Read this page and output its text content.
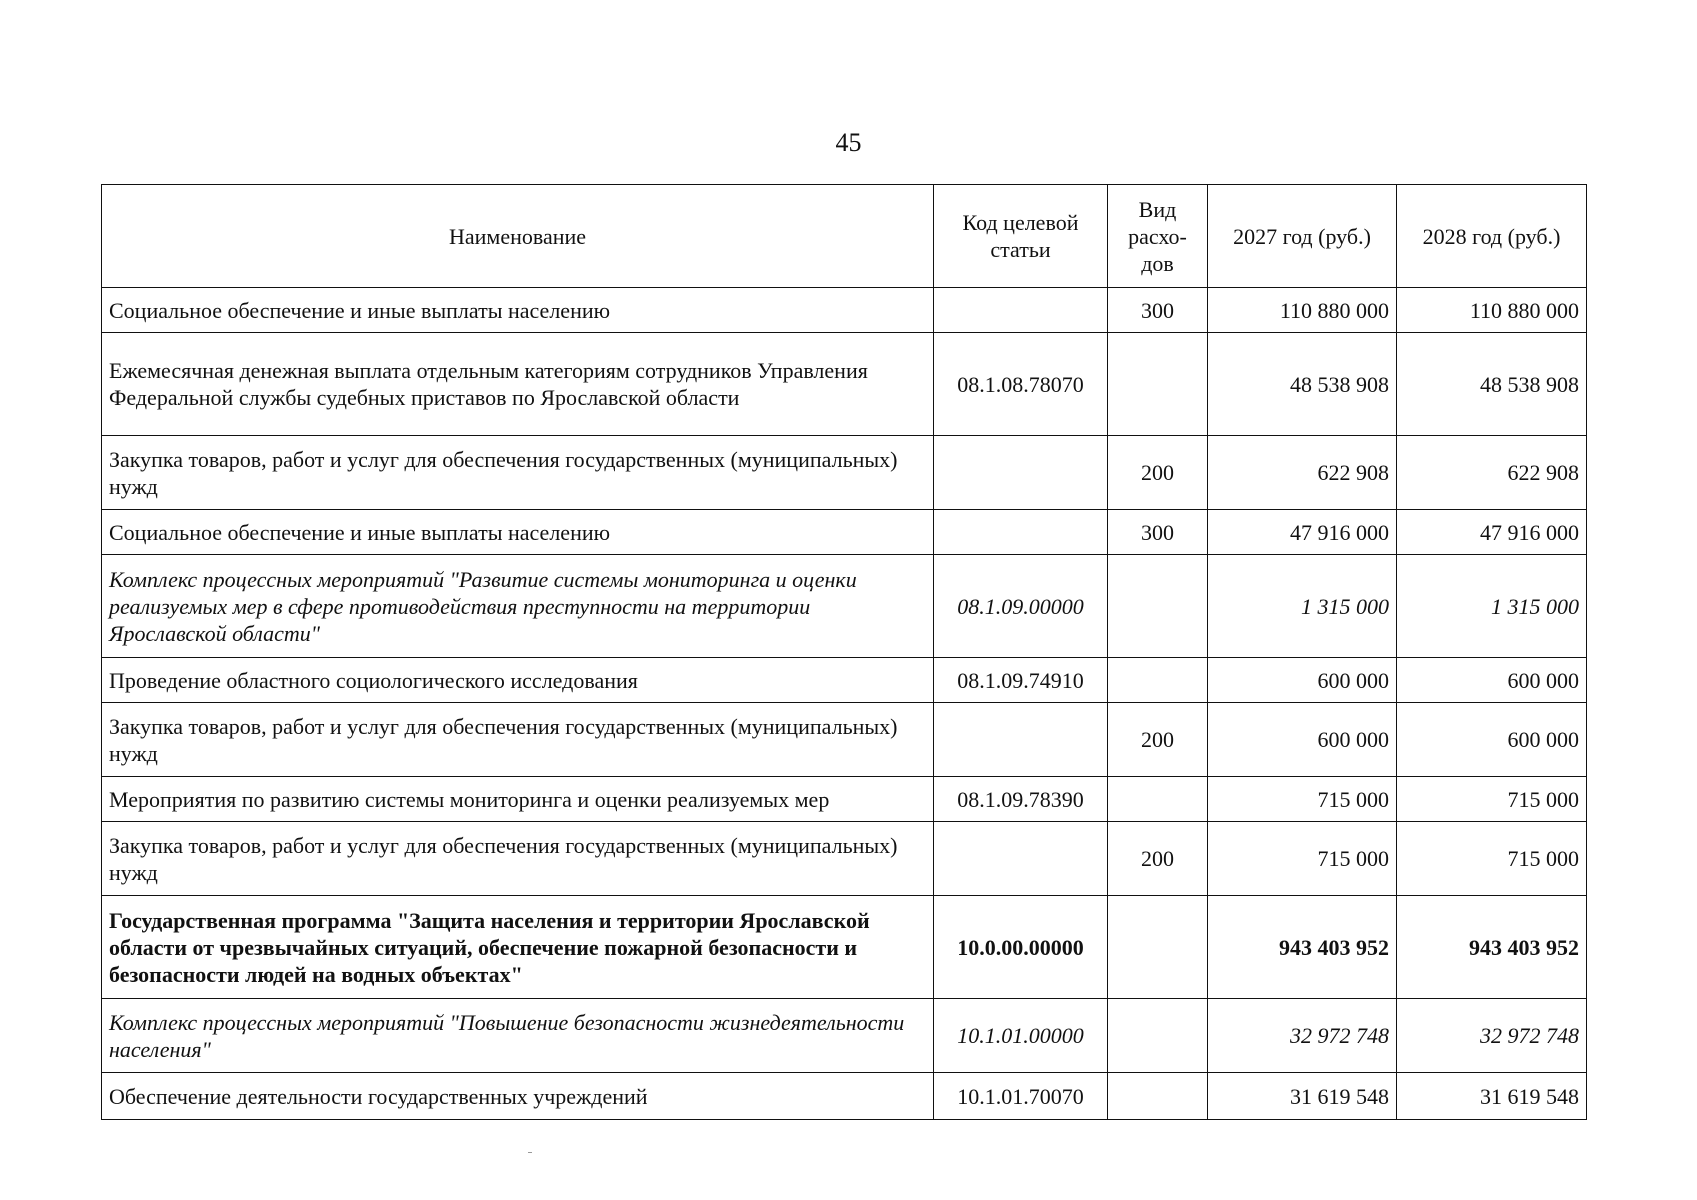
45
Наименование	Код целевой статьи	Вид расхо-дов	2027 год (руб.)	2028 год (руб.)
Социальное обеспечение и иные выплаты населению		300	110 880 000	110 880 000
Ежемесячная денежная выплата отдельным категориям сотрудников Управления Федеральной службы судебных приставов по Ярославской области	08.1.08.78070		48 538 908	48 538 908
Закупка товаров, работ и услуг для обеспечения государственных (муниципальных) нужд		200	622 908	622 908
Социальное обеспечение и иные выплаты населению		300	47 916 000	47 916 000
Комплекс процессных мероприятий "Развитие системы мониторинга и оценки реализуемых мер в сфере противодействия преступности на территории Ярославской области"	08.1.09.00000		1 315 000	1 315 000
Проведение областного социологического исследования	08.1.09.74910		600 000	600 000
Закупка товаров, работ и услуг для обеспечения государственных (муниципальных) нужд		200	600 000	600 000
Мероприятия по развитию системы мониторинга и оценки реализуемых мер	08.1.09.78390		715 000	715 000
Закупка товаров, работ и услуг для обеспечения государственных (муниципальных) нужд		200	715 000	715 000
Государственная программа "Защита населения и территории Ярославской области от чрезвычайных ситуаций, обеспечение пожарной безопасности и безопасности людей на водных объектах"	10.0.00.00000		943 403 952	943 403 952
Комплекс процессных мероприятий "Повышение безопасности жизнедеятельности населения"	10.1.01.00000		32 972 748	32 972 748
Обеспечение деятельности государственных учреждений	10.1.01.70070		31 619 548	31 619 548
